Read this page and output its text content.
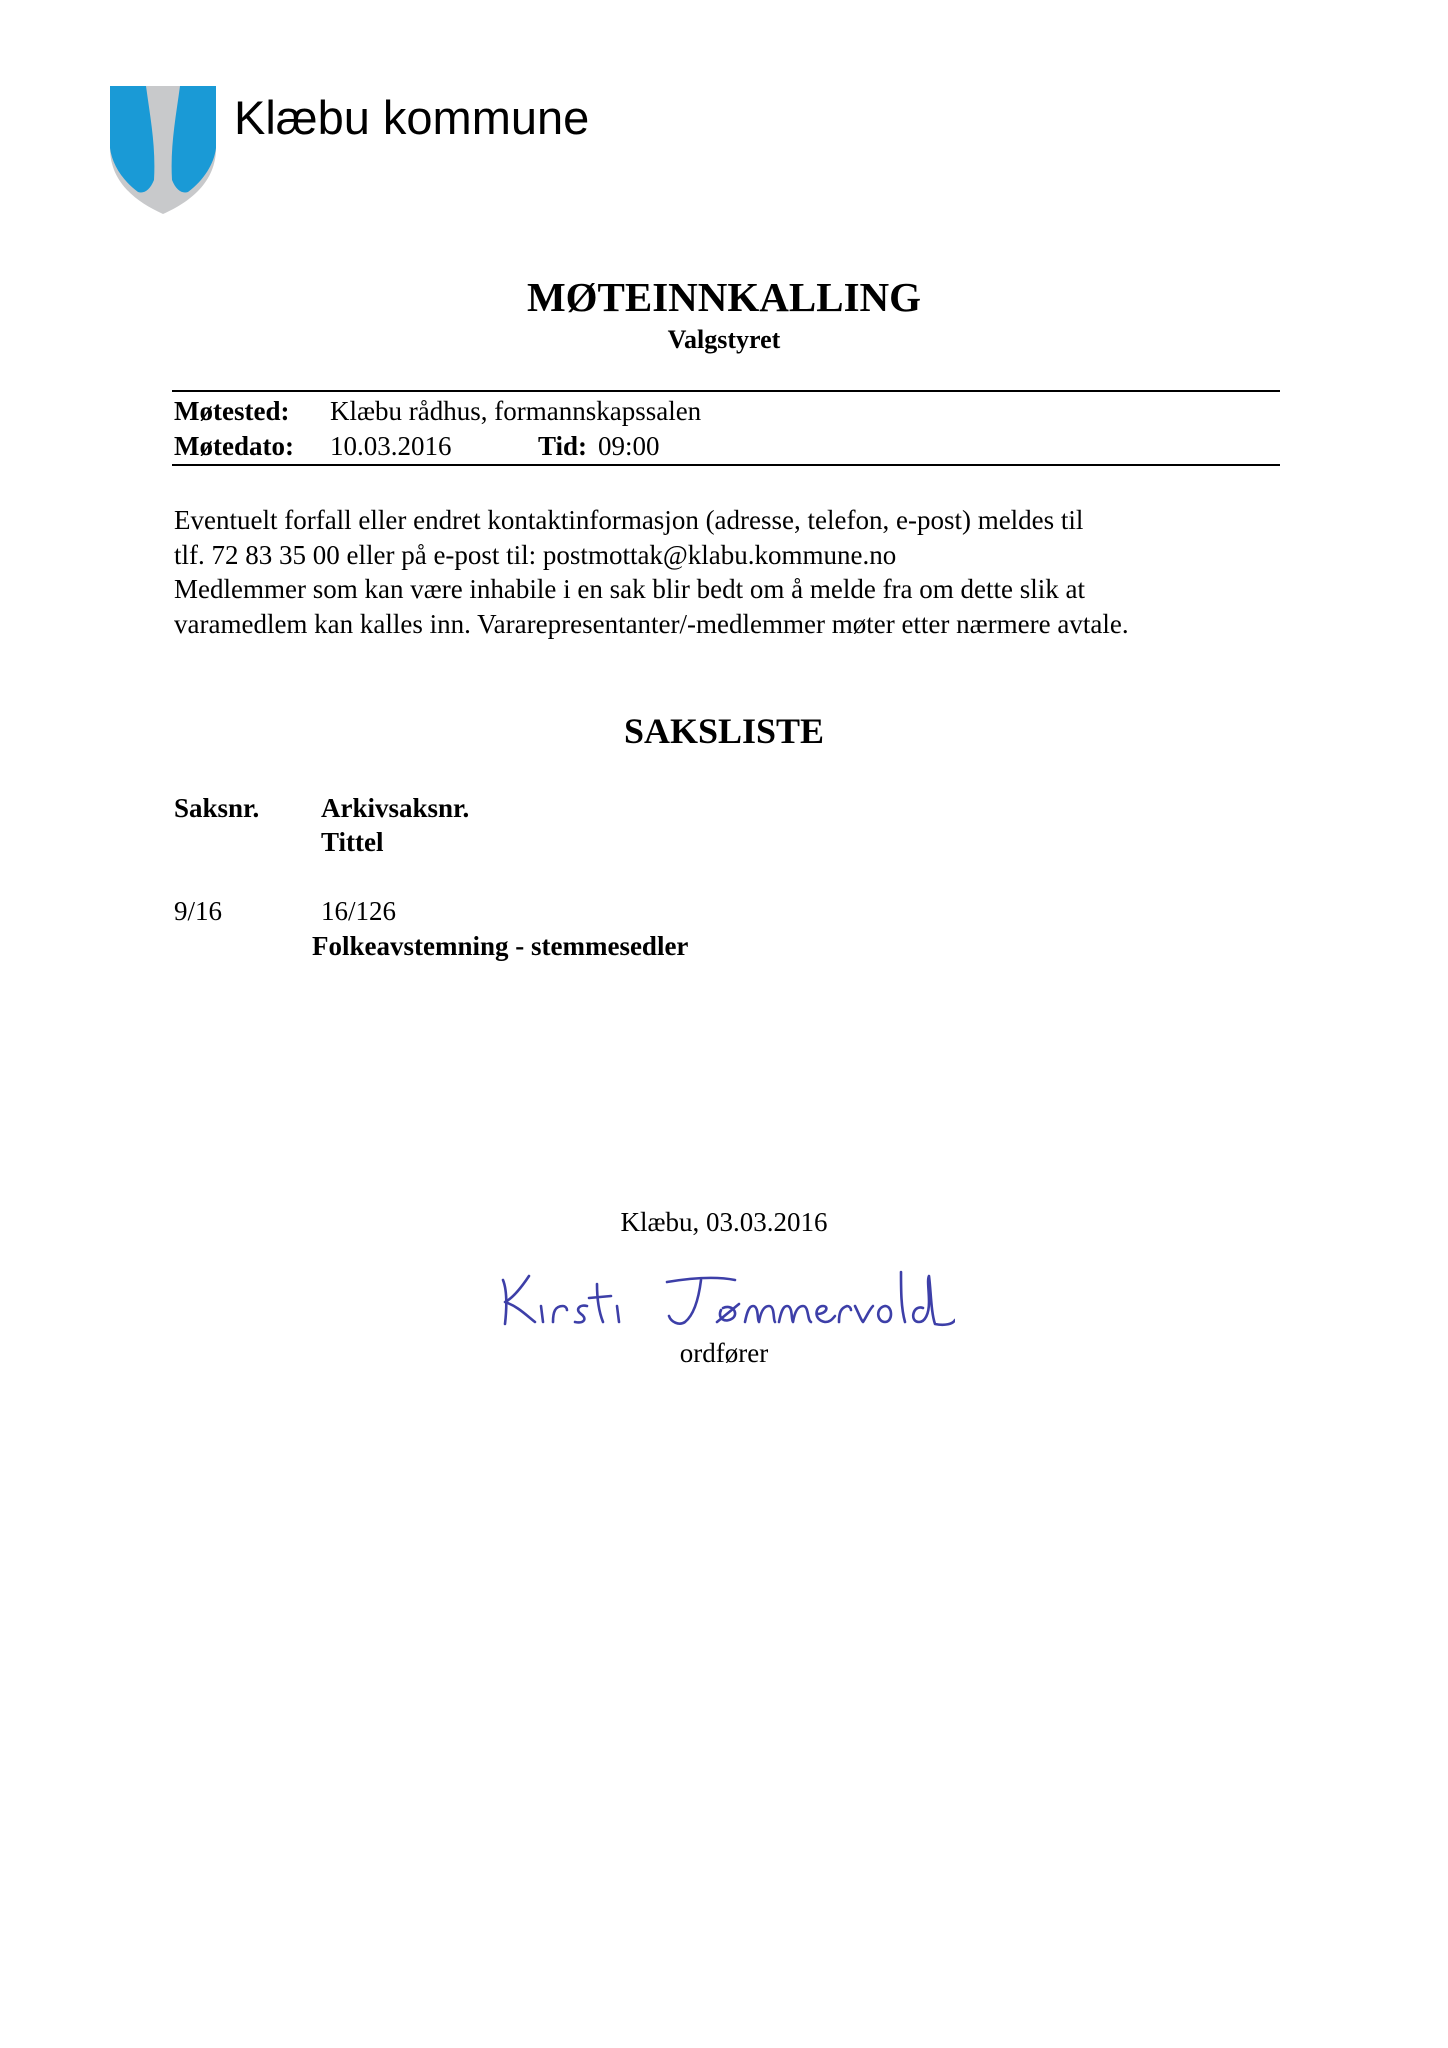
Klæbu kommune
MØTEINNKALLING
Valgstyret
Møtested: Klæbu rådhus, formannskapssalen
Møtedato: 10.03.2016	Tid: 09:00
Eventuelt forfall eller endret kontaktinformasjon (adresse, telefon, e-post) meldes til
tlf. 72 83 35 00 eller på e-post til: postmottak@klabu.kommune.no
Medlemmer som kan være inhabile i en sak blir bedt om å melde fra om dette slik at
varamedlem kan kalles inn. Vararepresentanter/-medlemmer møter etter nærmere avtale.
SAKSLISTE
Saksnr. Arkivsaksnr.
Tittel
9/16	16/126
Folkeavstemning - stemmesedler
Klæbu, 03.03.2016
ordfører
